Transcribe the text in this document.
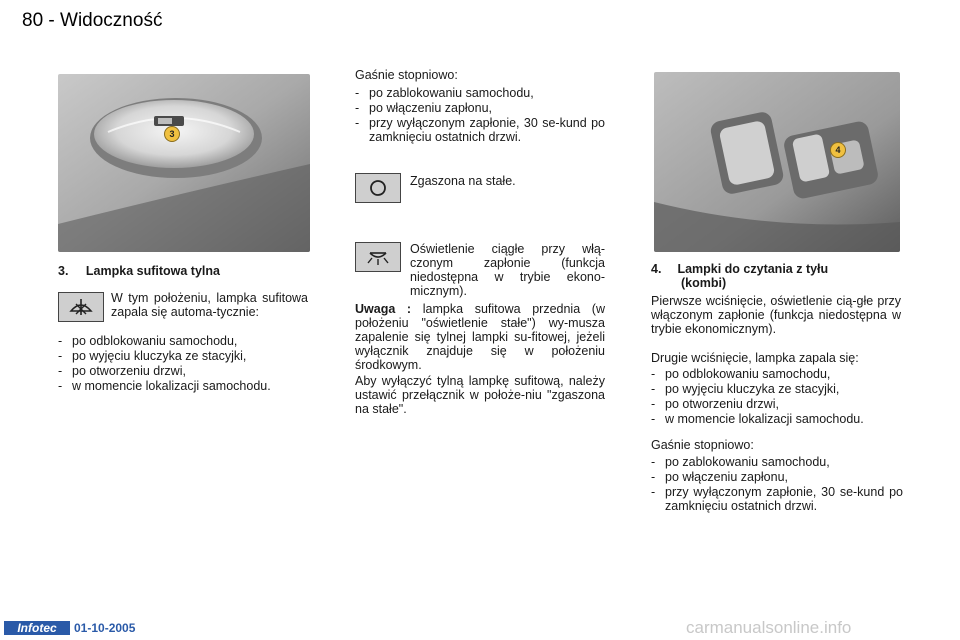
80 - Widoczność
3
3. Lampka sufitowa tylna
W tym położeniu, lampka sufitowa zapala się automa-tycznie:
- po odblokowaniu samochodu,
- po wyjęciu kluczyka ze stacyjki,
- po otworzeniu drzwi,
- w momencie lokalizacji samochodu.
Gaśnie stopniowo:
- po zablokowaniu samochodu,
- po włączeniu zapłonu,
- przy wyłączonym zapłonie, 30 se-kund po zamknięciu ostatnich drzwi.
Zgaszona na stałe.
Oświetlenie ciągłe przy włą-czonym zapłonie (funkcja niedostępna w trybie ekono-micznym).
Uwaga : lampka sufitowa przednia (w położeniu "oświetlenie stałe") wy-musza zapalenie się tylnej lampki su-fitowej, jeżeli wyłącznik znajduje się w położeniu środkowym.
Aby wyłączyć tylną lampkę sufitową, należy ustawić przełącznik w położe-niu "zgaszona na stałe".
4
4. Lampki do czytania z tyłu
(kombi)
Pierwsze wciśnięcie, oświetlenie cią-głe przy włączonym zapłonie (funkcja niedostępna w trybie ekonomicznym).
Drugie wciśnięcie, lampka zapala się:
- po odblokowaniu samochodu,
- po wyjęciu kluczyka ze stacyjki,
- po otworzeniu drzwi,
- w momencie lokalizacji samochodu.
Gaśnie stopniowo:
- po zablokowaniu samochodu,
- po włączeniu zapłonu,
- przy wyłączonym zapłonie, 30 se-kund po zamknięciu ostatnich drzwi.
Infotec	01-10-2005	carmanualsonline.info
